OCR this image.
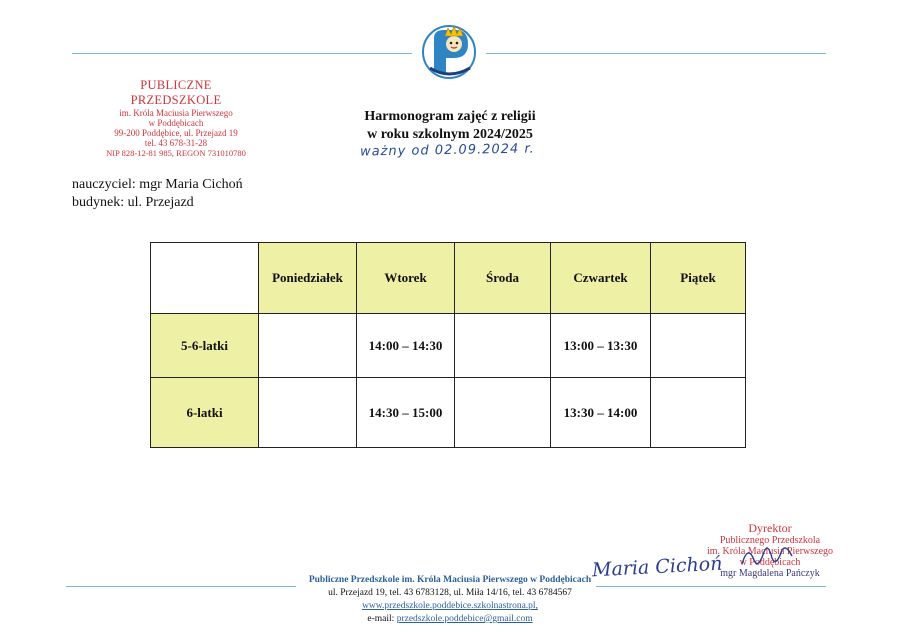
PUBLICZNE PRZEDSZKOLE
im. Króla Maciusia Pierwszego
w Poddębicach
99-200 Poddębice, ul. Przejazd 19
tel. 43 678-31-28
NIP 828-12-81 985, REGON 731010780
Harmonogram zajęć z religii
w roku szkolnym 2024/2025
ważny od 02.09.2024 r.
nauczyciel: mgr Maria Cichoń
budynek: ul. Przejazd
	Poniedziałek	Wtorek	Środa	Czwartek	Piątek
5-6-latki		14:00 – 14:30		13:00 – 13:30	
6-latki		14:30 – 15:00		13:30 – 14:00	
Dyrektor
Publicznego Przedszkola
im. Króla Maciusia Pierwszego
w Poddębicach
mgr Magdalena Pańczyk
Maria Cichoń
Publiczne Przedszkole im. Króla Maciusia Pierwszego w Poddębicach
ul. Przejazd 19, tel. 43 6783128, ul. Miła 14/16, tel. 43 6784567
www.przedszkole.poddebice.szkolnastrona.pl,
e-mail: przedszkole.poddebice@gmail.com
